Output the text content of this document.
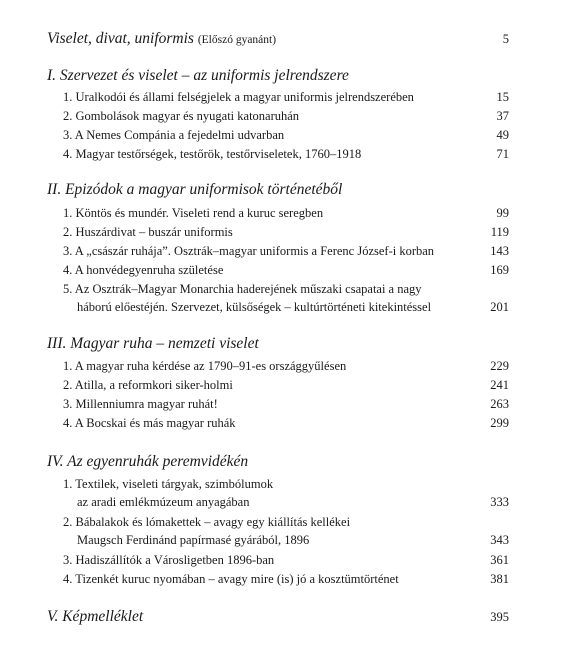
Viselet, divat, uniformis (Előszó gyanánt)	5
I. Szervezet és viselet – az uniformis jelrendszere
1. Uralkodói és állami felségjelek a magyar uniformis jelrendszerében	15
2. Gombolások magyar és nyugati katonaruhán	37
3. A Nemes Compánia a fejedelmi udvarban	49
4. Magyar testőrségek, testőrök, testőrviseletek, 1760–1918	71
II. Epizódok a magyar uniformisok történetéből
1. Köntös és mundér. Viseleti rend a kuruc seregben	99
2. Huszárdivat – buszár uniformis	119
3. A „császár ruhája”. Osztrák–magyar uniformis a Ferenc József-i korban	143
4. A honvédegyenruha születése	169
5. Az Osztrák–Magyar Monarchia haderejének műszaki csapatai a nagy
háború előestéjén. Szervezet, külsőségek – kultúrtörténeti kitekintéssel	201
III. Magyar ruha – nemzeti viselet
1. A magyar ruha kérdése az 1790–91-es országgyűlésen	229
2. Atilla, a reformkori siker-holmi	241
3. Millenniumra magyar ruhát!	263
4. A Bocskai és más magyar ruhák	299
IV. Az egyenruhák peremvidékén
1. Textilek, viseleti tárgyak, szimbólumok
az aradi emlékmúzeum anyagában	333
2. Bábalakok és lómakettek – avagy egy kiállítás kellékei
Maugsch Ferdinánd papírmasé gyárából, 1896	343
3. Hadiszállítók a Városligetben 1896-ban	361
4. Tizenkét kuruc nyomában – avagy mire (is) jó a kosztümtörténet	381
V. Képmelléklet	395
